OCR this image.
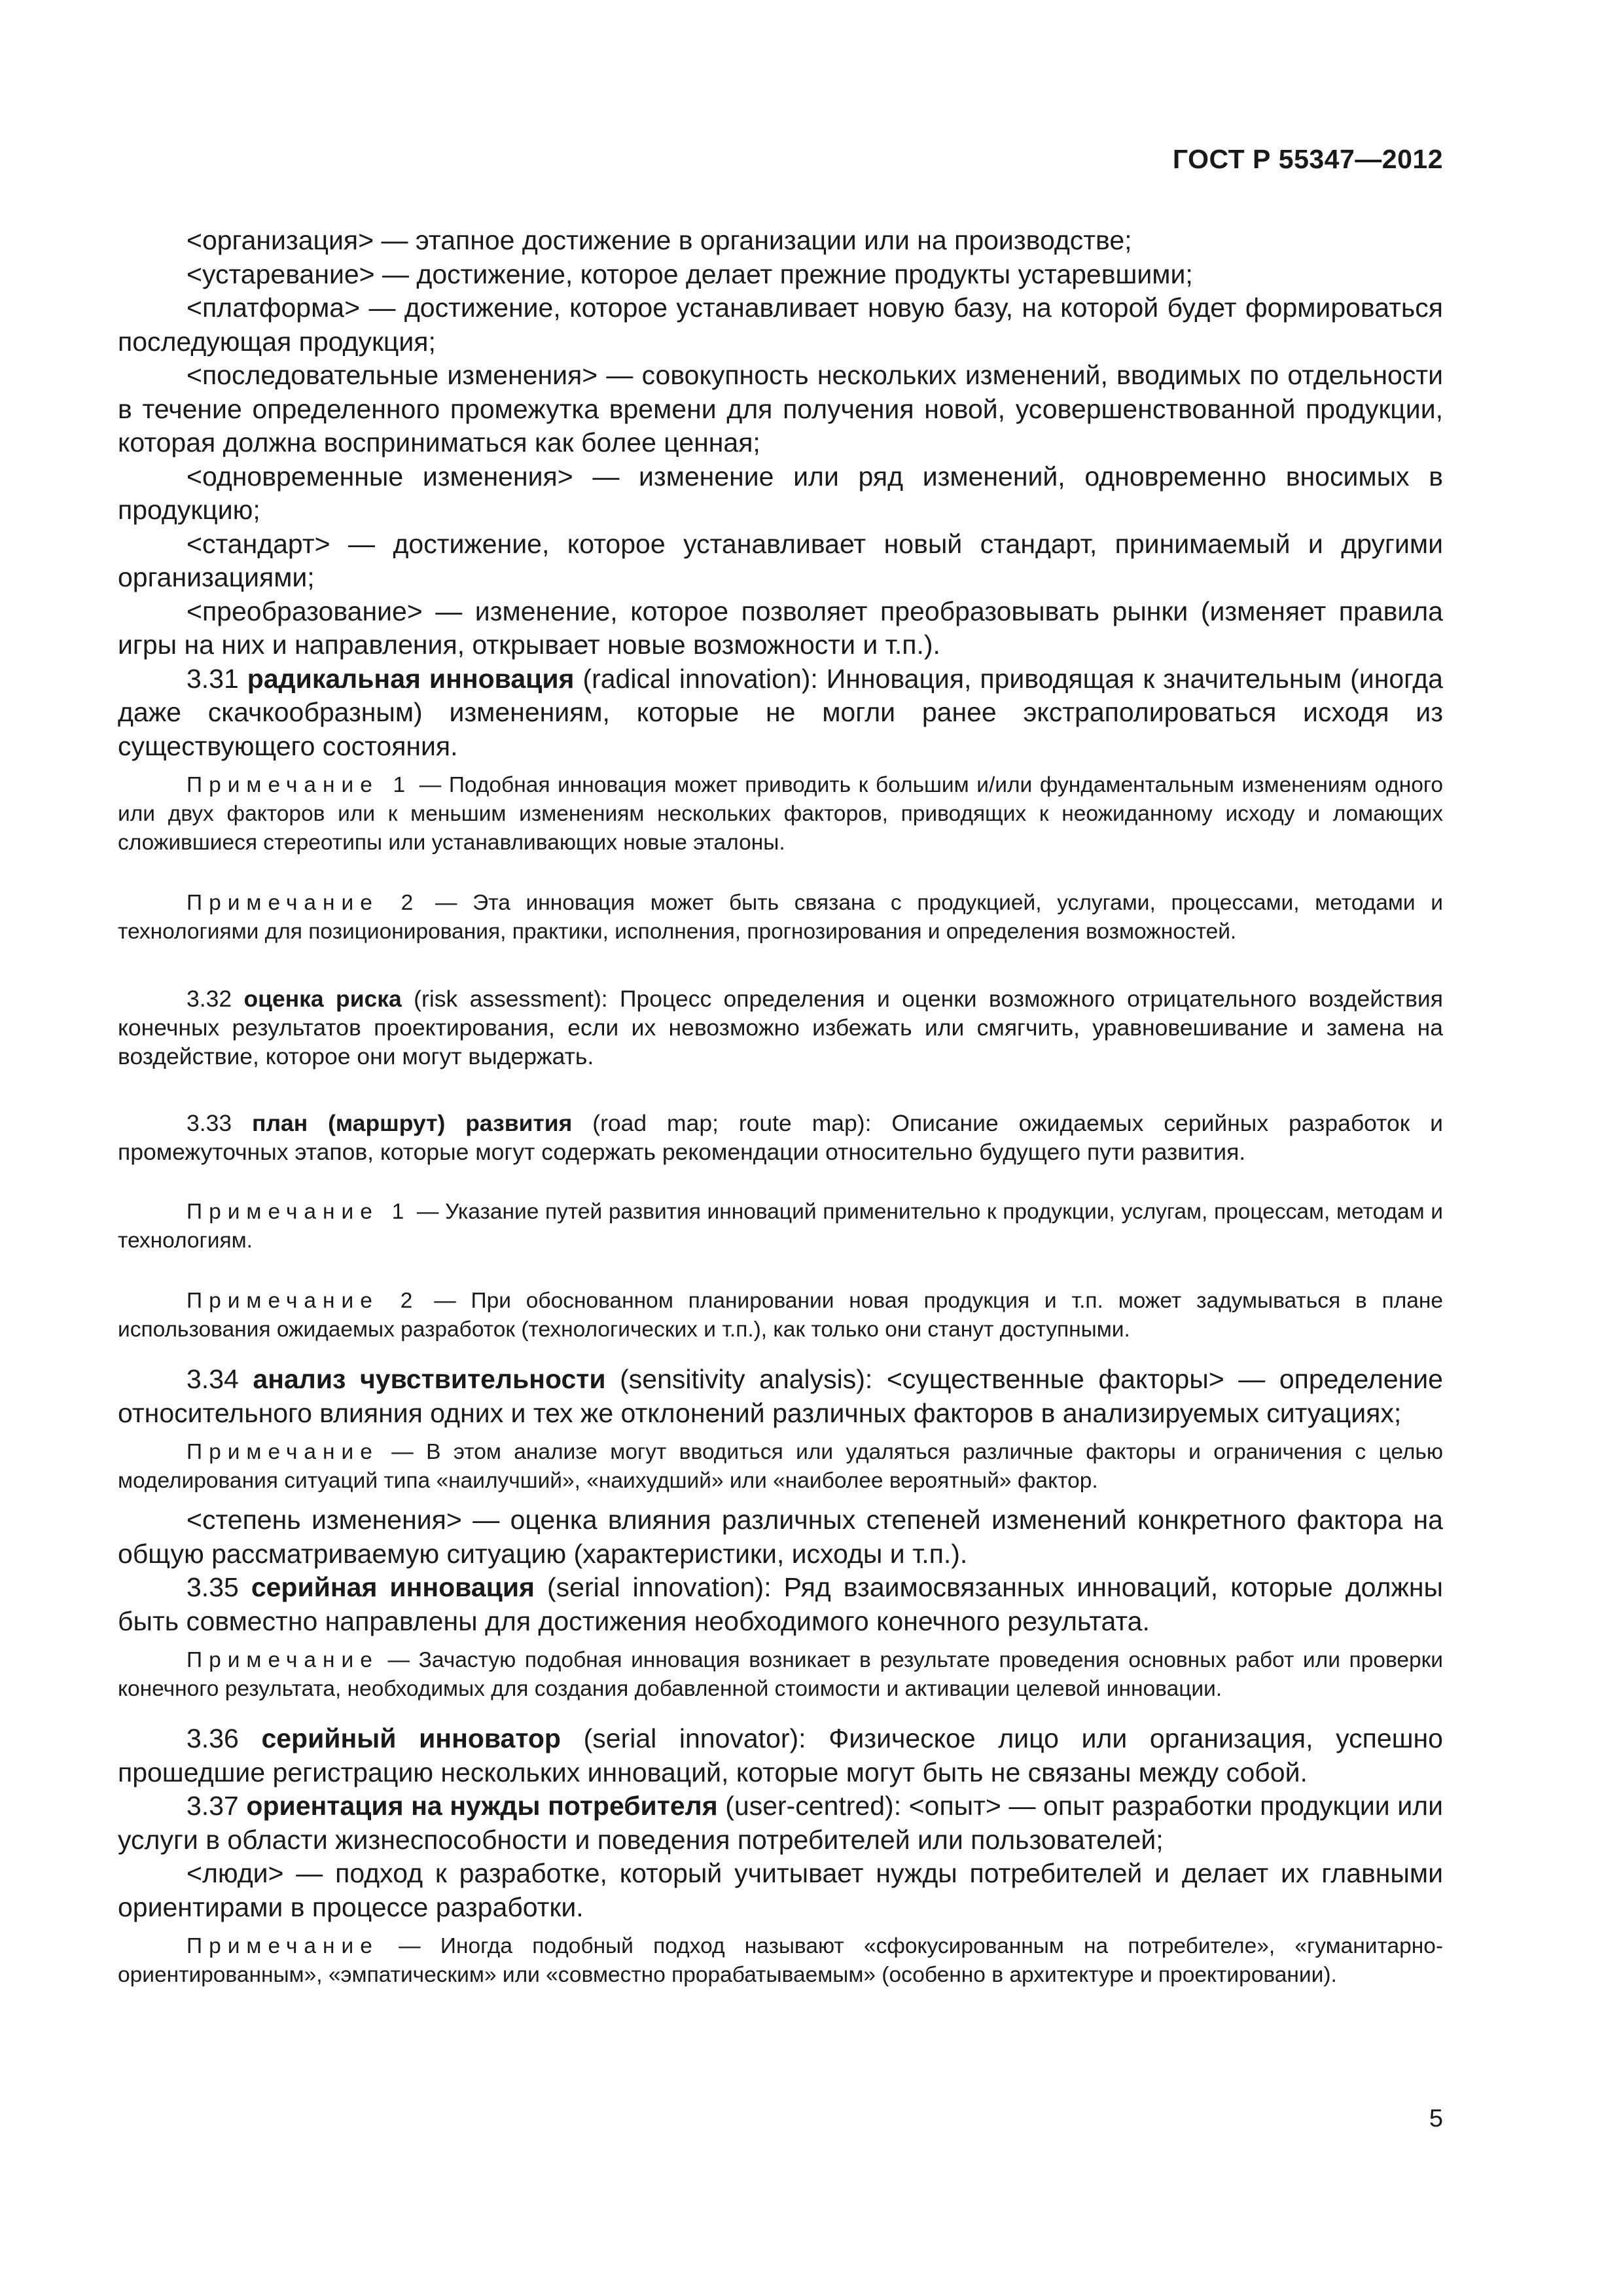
ГОСТ Р 55347—2012

<организация> — этапное достижение в организации или на производстве;

<устаревание> — достижение, которое делает прежние продукты устаревшими;

<платформа> — достижение, которое устанавливает новую базу, на которой будет формироваться последующая продукция;

<последовательные изменения> — совокупность нескольких изменений, вводимых по отдельности в течение определенного промежутка времени для получения новой, усовершенствованной продукции, которая должна восприниматься как более ценная;

<одновременные изменения> — изменение или ряд изменений, одновременно вносимых в продукцию;

<стандарт> — достижение, которое устанавливает новый стандарт, принимаемый и другими организациями;

<преобразование> — изменение, которое позволяет преобразовывать рынки (изменяет правила игры на них и направления, открывает новые возможности и т.п.).

3.31 радикальная инновация (radical innovation): Инновация, приводящая к значительным (иногда даже скачкообразным) изменениям, которые не могли ранее экстраполироваться исходя из существующего состояния.

Примечание 1 — Подобная инновация может приводить к большим и/или фундаментальным изменениям одного или двух факторов или к меньшим изменениям нескольких факторов, приводящих к неожиданному исходу и ломающих сложившиеся стереотипы или устанавливающих новые эталоны.

Примечание 2 — Эта инновация может быть связана с продукцией, услугами, процессами, методами и технологиями для позиционирования, практики, исполнения, прогнозирования и определения возможностей.

3.32 оценка риска (risk assessment): Процесс определения и оценки возможного отрицательного воздействия конечных результатов проектирования, если их невозможно избежать или смягчить, уравновешивание и замена на воздействие, которое они могут выдержать.

3.33 план (маршрут) развития (road map; route map): Описание ожидаемых серийных разработок и промежуточных этапов, которые могут содержать рекомендации относительно будущего пути развития.

Примечание 1 — Указание путей развития инноваций применительно к продукции, услугам, процессам, методам и технологиям.

Примечание 2 — При обоснованном планировании новая продукция и т.п. может задумываться в плане использования ожидаемых разработок (технологических и т.п.), как только они станут доступными.

3.34 анализ чувствительности (sensitivity analysis): <существенные факторы> — определение относительного влияния одних и тех же отклонений различных факторов в анализируемых ситуациях;

Примечание — В этом анализе могут вводиться или удаляться различные факторы и ограничения с целью моделирования ситуаций типа «наилучший», «наихудший» или «наиболее вероятный» фактор.

<степень изменения> — оценка влияния различных степеней изменений конкретного фактора на общую рассматриваемую ситуацию (характеристики, исходы и т.п.).

3.35 серийная инновация (serial innovation): Ряд взаимосвязанных инноваций, которые должны быть совместно направлены для достижения необходимого конечного результата.

Примечание — Зачастую подобная инновация возникает в результате проведения основных работ или проверки конечного результата, необходимых для создания добавленной стоимости и активации целевой инновации.

3.36 серийный инноватор (serial innovator): Физическое лицо или организация, успешно прошедшие регистрацию нескольких инноваций, которые могут быть не связаны между собой.

3.37 ориентация на нужды потребителя (user-centred): <опыт> — опыт разработки продукции или услуги в области жизнеспособности и поведения потребителей или пользователей;

<люди> — подход к разработке, который учитывает нужды потребителей и делает их главными ориентирами в процессе разработки.

Примечание — Иногда подобный подход называют «сфокусированным на потребителе», «гуманитарно-ориентированным», «эмпатическим» или «совместно прорабатываемым» (особенно в архитектуре и проектировании).

5
